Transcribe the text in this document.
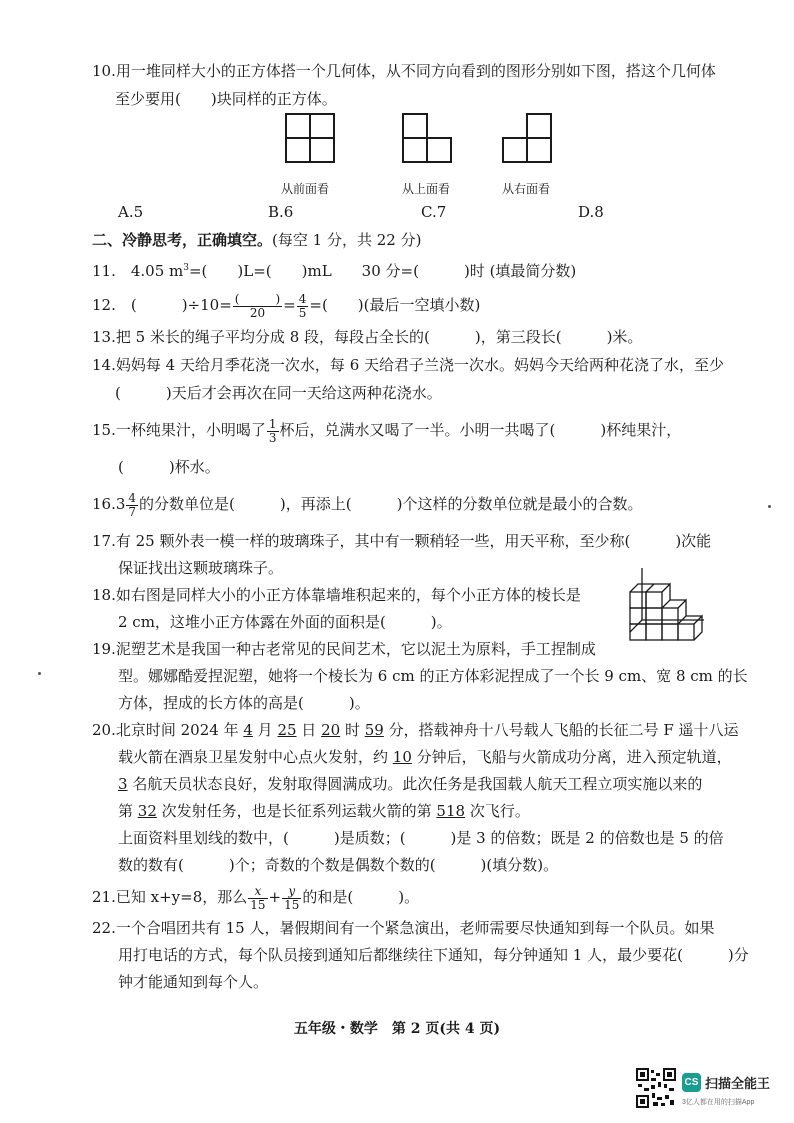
10.用一堆同样大小的正方体搭一个几何体，从不同方向看到的图形分别如下图，搭这个几何体
至少要用(　　)块同样的正方体。
从前面看	从上面看	从右面看
A.5	B.6	C.7	D.8
二、冷静思考，正确填空。(每空 1 分，共 22 分)
11.　4.05 $m^3=$(　　)L=(　　)mL　　30 分=(　　　)时 (填最简分数)
12.　(　　　)$\div 10= \frac{( )}{20} = \frac{4}{5}$ =(　　)(最后一空填小数)
13.把 5 米长的绳子平均分成 8 段，每段占全长的(　　　)，第三段长(　　　)米。
14.妈妈每 4 天给月季花浇一次水，每 6 天给君子兰浇一次水。妈妈今天给两种花浇了水，至少
(　　　)天后才会再次在同一天给这两种花浇水。
15.一杯纯果汁，小明喝了 $\frac{1}{3}$ 杯后，兑满水又喝了一半。小明一共喝了(　　　)杯纯果汁，
(　　　)杯水。
$16.3 \frac{4}{7}$ 的分数单位是(　　　)，再添上(　　　)个这样的分数单位就是最小的合数。
17.有 25 颗外表一模一样的玻璃珠子，其中有一颗稍轻一些，用天平称，至少称(　　　)次能
保证找出这颗玻璃珠子。
18.如右图是同样大小的小正方体靠墙堆积起来的，每个小正方体的棱长是
2 cm，这堆小正方体露在外面的面积是(　　　)。
19.泥塑艺术是我国一种古老常见的民间艺术，它以泥土为原料，手工捏制成
型。娜娜酷爱捏泥塑，她将一个棱长为 6 cm 的正方体彩泥捏成了一个长 9 cm、宽 8 cm 的长
方体，捏成的长方体的高是(　　　)。
20.北京时间 2024 年 4 月 25 日 20 时 59 分，搭载神舟十八号载人飞船的长征二号 F 遥十八运
载火箭在酒泉卫星发射中心点火发射，约 10 分钟后，飞船与火箭成功分离，进入预定轨道，
3 名航天员状态良好，发射取得圆满成功。此次任务是我国载人航天工程立项实施以来的
第 32 次发射任务，也是长征系列运载火箭的第 518 次飞行。
上面资料里划线的数中，(　　　)是质数；(　　　)是 3 的倍数；既是 2 的倍数也是 5 的倍
数的数有(　　　)个；奇数的个数是偶数个数的(　　　)(填分数)。
21.已知 x+y=8，那么 $\frac{x}{15} + \frac{y}{15}$ 的和是(　　　)。
22.一个合唱团共有 15 人，暑假期间有一个紧急演出，老师需要尽快通知到每一个队员。如果
用打电话的方式，每个队员接到通知后都继续往下通知，每分钟通知 1 人，最少要花(　　　)分
钟才能通知到每个人。
五年级・数学　第 2 页(共 4 页)
CS 扫描全能王
3亿人都在用的扫描App
